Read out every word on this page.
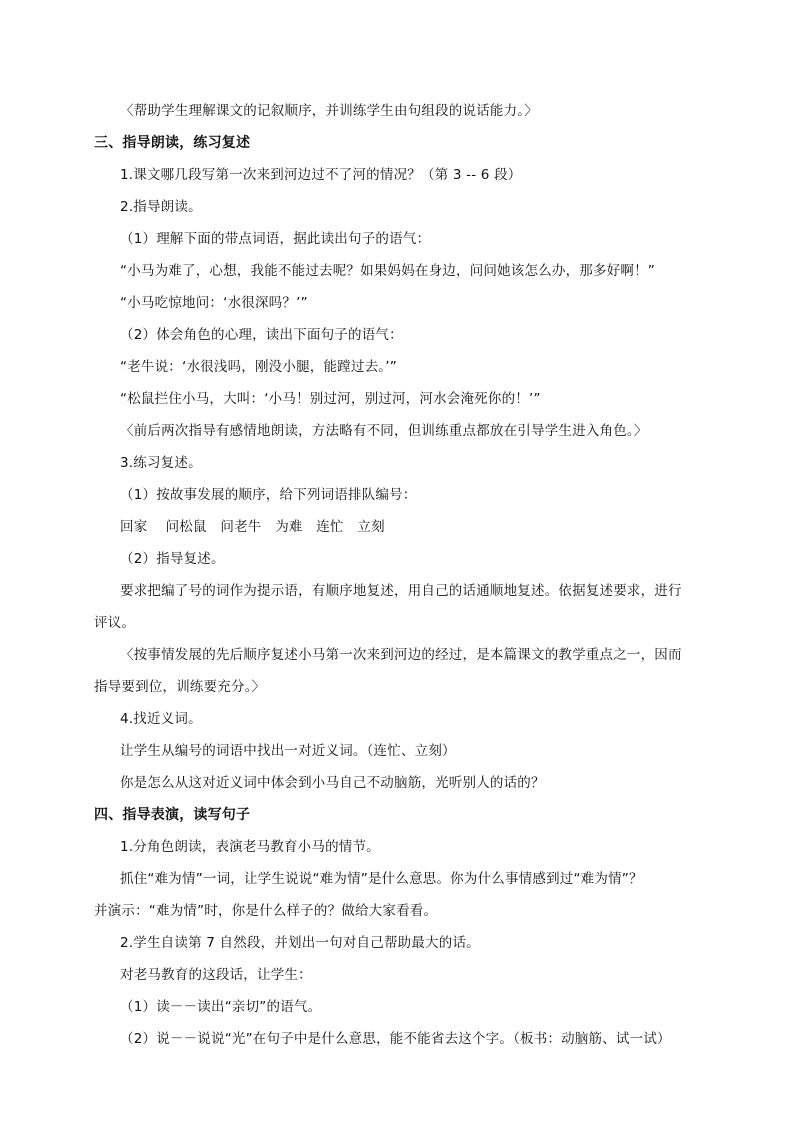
〈帮助学生理解课文的记叙顺序，并训练学生由句组段的说话能力。〉
三、指导朗读，练习复述
1.课文哪几段写第一次来到河边过不了河的情况？（第 3 -- 6 段）
2.指导朗读。
（1）理解下面的带点词语，据此读出句子的语气：
“小马为难了，心想，我能不能过去呢？如果妈妈在身边，问问她该怎么办，那多好啊！”
“小马吃惊地问：‘水很深吗？’”
（2）体会角色的心理，读出下面句子的语气：
“老牛说：‘水很浅吗，刚没小腿，能蹚过去。’”
“松鼠拦住小马，大叫：‘小马！别过河，别过河，河水会淹死你的！’”
〈前后两次指导有感情地朗读，方法略有不同，但训练重点都放在引导学生进入角色。〉
3.练习复述。
（1）按故事发展的顺序，给下列词语排队编号：
回家　 问松鼠　问老牛　为难　连忙　立刻
（2）指导复述。
要求把编了号的词作为提示语，有顺序地复述，用自己的话通顺地复述。依据复述要求，进行
评议。
〈按事情发展的先后顺序复述小马第一次来到河边的经过，是本篇课文的教学重点之一，因而
指导要到位，训练要充分。〉
4.找近义词。
让学生从编号的词语中找出一对近义词。（连忙、立刻）
你是怎么从这对近义词中体会到小马自己不动脑筋，光听别人的话的？
四、指导表演，读写句子
1.分角色朗读，表演老马教育小马的情节。
抓住“难为情”一词，让学生说说“难为情”是什么意思。你为什么事情感到过“难为情”？
并演示：“难为情”时，你是什么样子的？做给大家看看。
2.学生自读第 7 自然段，并划出一句对自己帮助最大的话。
对老马教育的这段话，让学生：
（1）读－－读出“亲切”的语气。
（2）说－－说说“光”在句子中是什么意思，能不能省去这个字。（板书：动脑筋、试一试）
